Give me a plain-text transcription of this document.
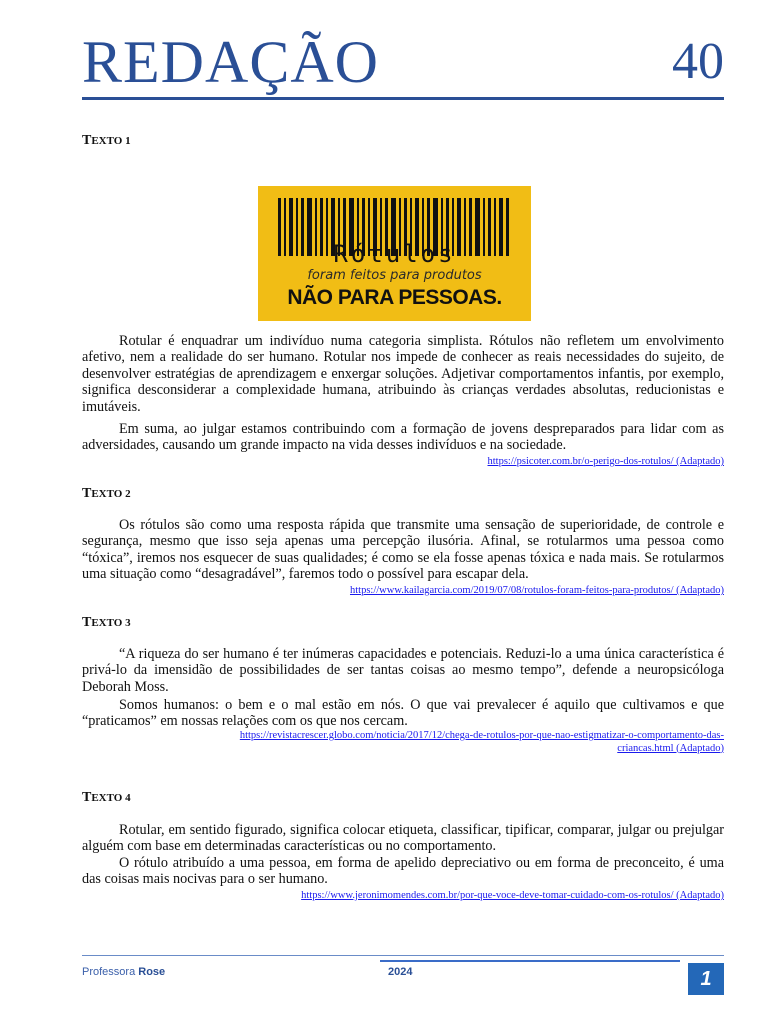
REDAÇÃO	40
TEXTO 1
Rótulos
foram feitos para produtos
NÃO PARA PESSOAS.

Rotular é enquadrar um indivíduo numa categoria simplista. Rótulos não refletem um envolvimento afetivo, nem a realidade do ser humano. Rotular nos impede de conhecer as reais necessidades do sujeito, de desenvolver estratégias de aprendizagem e enxergar soluções. Adjetivar comportamentos infantis, por exemplo, significa desconsiderar a complexidade humana, atribuindo às crianças verdades absolutas, reducionistas e imutáveis.

Em suma, ao julgar estamos contribuindo com a formação de jovens despreparados para lidar com as adversidades, causando um grande impacto na vida desses indivíduos e na sociedade.

https://psicoter.com.br/o-perigo-dos-rotulos/ (Adaptado)
TEXTO 2

Os rótulos são como uma resposta rápida que transmite uma sensação de superioridade, de controle e segurança, mesmo que isso seja apenas uma percepção ilusória. Afinal, se rotularmos uma pessoa como “tóxica”, iremos nos esquecer de suas qualidades; é como se ela fosse apenas tóxica e nada mais. Se rotularmos uma situação como “desagradável”, faremos todo o possível para escapar dela.

https://www.kailagarcia.com/2019/07/08/rotulos-foram-feitos-para-produtos/ (Adaptado)
TEXTO 3

“A riqueza do ser humano é ter inúmeras capacidades e potenciais. Reduzi-lo a uma única característica é privá-lo da imensidão de possibilidades de ser tantas coisas ao mesmo tempo”, defende a neuropsicóloga Deborah Moss.

Somos humanos: o bem e o mal estão em nós. O que vai prevalecer é aquilo que cultivamos e que “praticamos” em nossas relações com os que nos cercam.

https://revistacrescer.globo.com/noticia/2017/12/chega-de-rotulos-por-que-nao-estigmatizar-o-comportamento-das-
criancas.html (Adaptado)
TEXTO 4

Rotular, em sentido figurado, significa colocar etiqueta, classificar, tipificar, comparar, julgar ou prejulgar alguém com base em determinadas características ou no comportamento.

O rótulo atribuído a uma pessoa, em forma de apelido depreciativo ou em forma de preconceito, é uma das coisas mais nocivas para o ser humano.

https://www.jeronimomendes.com.br/por-que-voce-deve-tomar-cuidado-com-os-rotulos/ (Adaptado)
Professora Rose	2024	1
